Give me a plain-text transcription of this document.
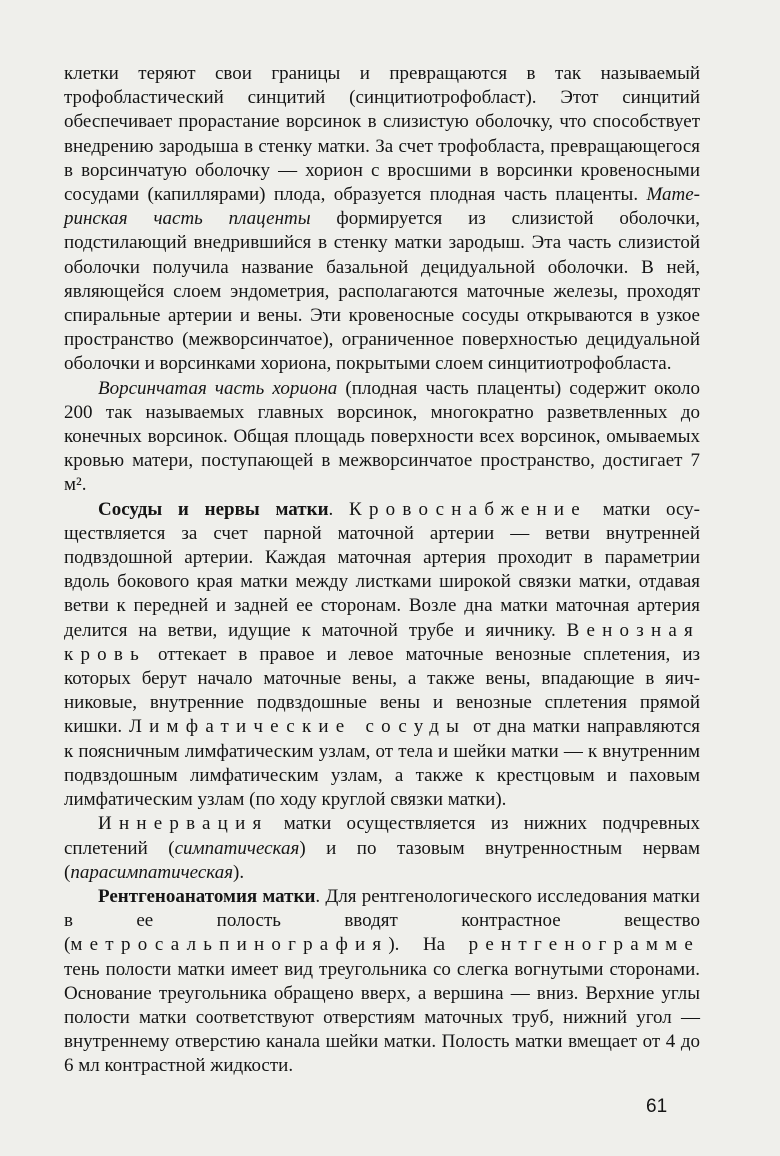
клетки теряют свои границы и превращаются в так называемый трофобластический синцитий (синцитиотрофобласт). Этот синцитий обеспечивает прорастание ворсинок в слизистую оболочку, что способствует внедрению зародыша в стенку матки. За счет трофобласта, превращающегося в ворсинчатую оболочку — хорион с вросшими в ворсинки кровеносными сосудами (капиллярами) плода, образуется плодная часть плаценты. Материнская часть плаценты формируется из слизистой оболочки, подстилающий внедрившийся в стенку матки зародыш. Эта часть слизистой оболочки получила название базальной децидуальной оболочки. В ней, являющейся слоем эндометрия, располагаются маточные железы, проходят спиральные артерии и вены. Эти кровеносные сосуды открываются в узкое пространство (межворсинчатое), ограниченное поверхностью децидуальной оболочки и ворсинками хориона, покрытыми слоем синцитиотрофобласта.

Ворсинчатая часть хориона (плодная часть плаценты) содержит около 200 так называемых главных ворсинок, многократно разветвленных до конечных ворсинок. Общая площадь поверхности всех ворсинок, омываемых кровью матери, поступающей в межворсинчатое пространство, достигает 7 м².

Сосуды и нервы матки. Кровоснабжение матки осуществляется за счет парной маточной артерии — ветви внутренней подвздошной артерии. Каждая маточная артерия проходит в параметрии вдоль бокового края матки между листками широкой связки матки, отдавая ветви к передней и задней ее сторонам. Возле дна матки маточная артерия делится на ветви, идущие к маточной трубе и яичнику. Венозная кровь оттекает в правое и левое маточные венозные сплетения, из которых берут начало маточные вены, а также вены, впадающие в яичниковые, внутренние подвздошные вены и венозные сплетения прямой кишки. Лимфатические сосуды от дна матки направляются к поясничным лимфатическим узлам, от тела и шейки матки — к внутренним подвздошным лимфатическим узлам, а также к крестцовым и паховым лимфатическим узлам (по ходу круглой связки матки).

Иннервация матки осуществляется из нижних подчревных сплетений (симпатическая) и по тазовым внутренностным нервам (парасимпатическая).

Рентгеноанатомия матки. Для рентгенологического исследования матки в ее полость вводят контрастное вещество (метросальпинография). На рентгенограмме тень полости матки имеет вид треугольника со слегка вогнутыми сторонами. Основание треугольника обращено вверх, а вершина — вниз. Верхние углы полости матки соответствуют отверстиям маточных труб, нижний угол — внутреннему отверстию канала шейки матки. Полость матки вмещает от 4 до 6 мл контрастной жидкости.

61
